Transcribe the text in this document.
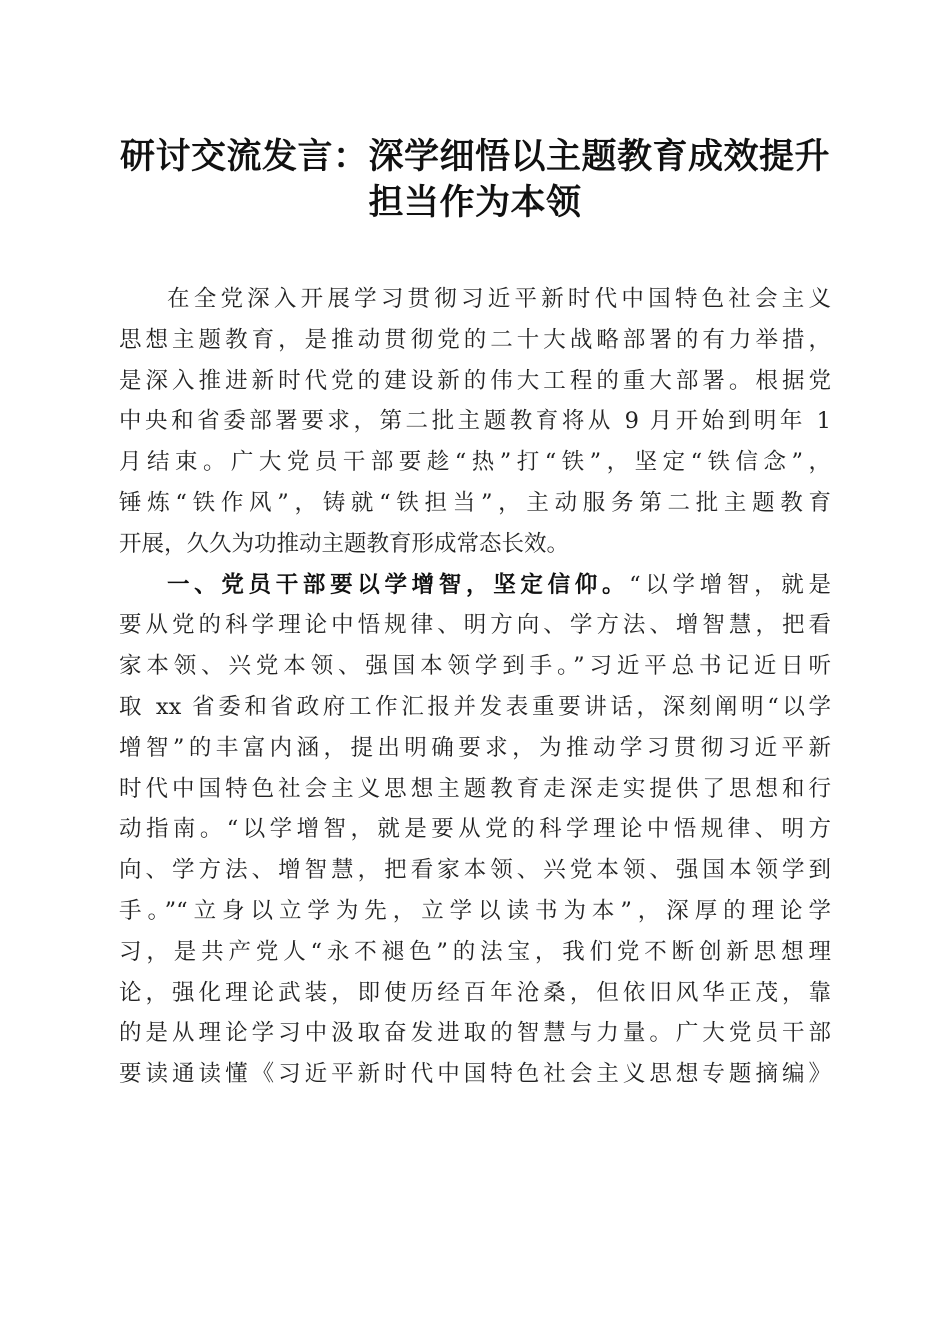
研讨交流发言：深学细悟以主题教育成效提升
担当作为本领
在全党深入开展学习贯彻习近平新时代中国特色社会主义
思想主题教育，是推动贯彻党的二十大战略部署的有力举措，
是深入推进新时代党的建设新的伟大工程的重大部署。根据党
中央和省委部署要求，第二批主题教育将从 9 月开始到明年 1
月结束。广大党员干部要趁“热”打“铁”，坚定“铁信念”，
锤炼“铁作风”，铸就“铁担当”，主动服务第二批主题教育
开展，久久为功推动主题教育形成常态长效。
一、党员干部要以学增智，坚定信仰。“以学增智，就是
要从党的科学理论中悟规律、明方向、学方法、增智慧，把看
家本领、兴党本领、强国本领学到手。”习近平总书记近日听
取 xx 省委和省政府工作汇报并发表重要讲话，深刻阐明“以学
增智”的丰富内涵，提出明确要求，为推动学习贯彻习近平新
时代中国特色社会主义思想主题教育走深走实提供了思想和行
动指南。“以学增智，就是要从党的科学理论中悟规律、明方
向、学方法、增智慧，把看家本领、兴党本领、强国本领学到
手。”“立身以立学为先，立学以读书为本”，深厚的理论学
习，是共产党人“永不褪色”的法宝，我们党不断创新思想理
论，强化理论武装，即使历经百年沧桑，但依旧风华正茂，靠
的是从理论学习中汲取奋发进取的智慧与力量。广大党员干部
要读通读懂《习近平新时代中国特色社会主义思想专题摘编》
